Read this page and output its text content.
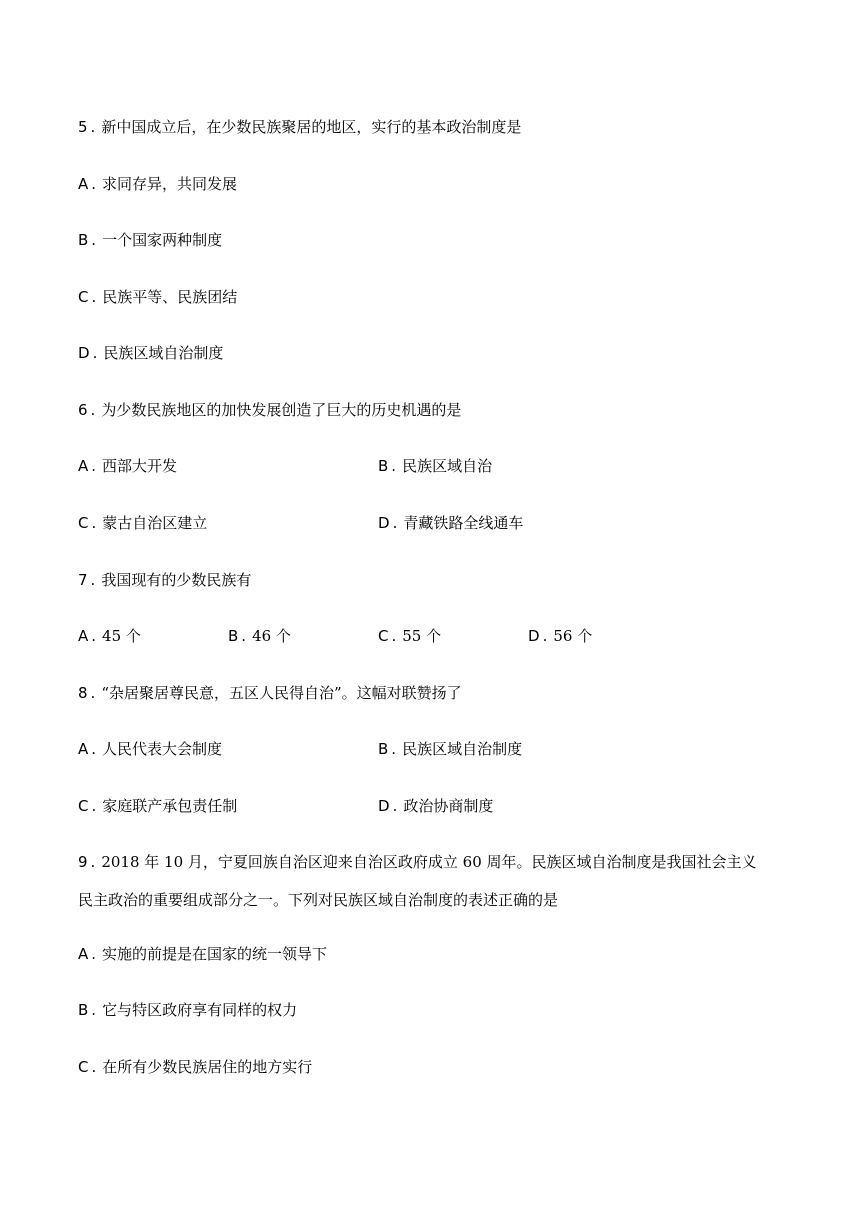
5 . 新中国成立后，在少数民族聚居的地区，实行的基本政治制度是
A . 求同存异，共同发展
B . 一个国家两种制度
C . 民族平等、民族团结
D . 民族区域自治制度
6 . 为少数民族地区的加快发展创造了巨大的历史机遇的是
A . 西部大开发	B . 民族区域自治
C . 蒙古自治区建立	D . 青藏铁路全线通车
7 . 我国现有的少数民族有
A . 45 个	B . 46 个	C . 55 个	D . 56 个
8 . “杂居聚居尊民意，五区人民得自治”。这幅对联赞扬了
A . 人民代表大会制度	B . 民族区域自治制度
C . 家庭联产承包责任制	D . 政治协商制度
9 . 2018 年 10 月，宁夏回族自治区迎来自治区政府成立 60 周年。民族区域自治制度是我国社会主义
民主政治的重要组成部分之一。下列对民族区域自治制度的表述正确的是
A . 实施的前提是在国家的统一领导下
B . 它与特区政府享有同样的权力
C . 在所有少数民族居住的地方实行
